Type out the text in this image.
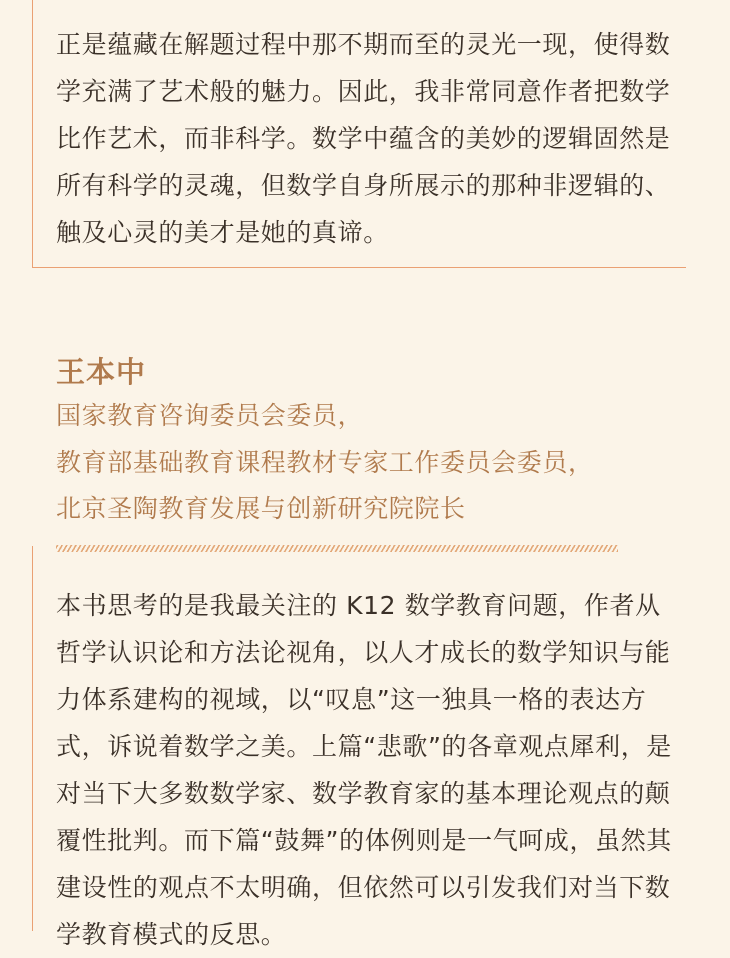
正是蕴藏在解题过程中那不期而至的灵光一现，使得数学充满了艺术般的魅力。因此，我非常同意作者把数学比作艺术，而非科学。数学中蕴含的美妙的逻辑固然是所有科学的灵魂，但数学自身所展示的那种非逻辑的、触及心灵的美才是她的真谛。

王本中

国家教育咨询委员会委员，

教育部基础教育课程教材专家工作委员会委员，

北京圣陶教育发展与创新研究院院长

本书思考的是我最关注的 K12 数学教育问题，作者从哲学认识论和方法论视角，以人才成长的数学知识与能力体系建构的视域，以“叹息”这一独具一格的表达方式，诉说着数学之美。上篇“悲歌”的各章观点犀利，是对当下大多数数学家、数学教育家的基本理论观点的颠覆性批判。而下篇“鼓舞”的体例则是一气呵成，虽然其建设性的观点不太明确，但依然可以引发我们对当下数学教育模式的反思。
